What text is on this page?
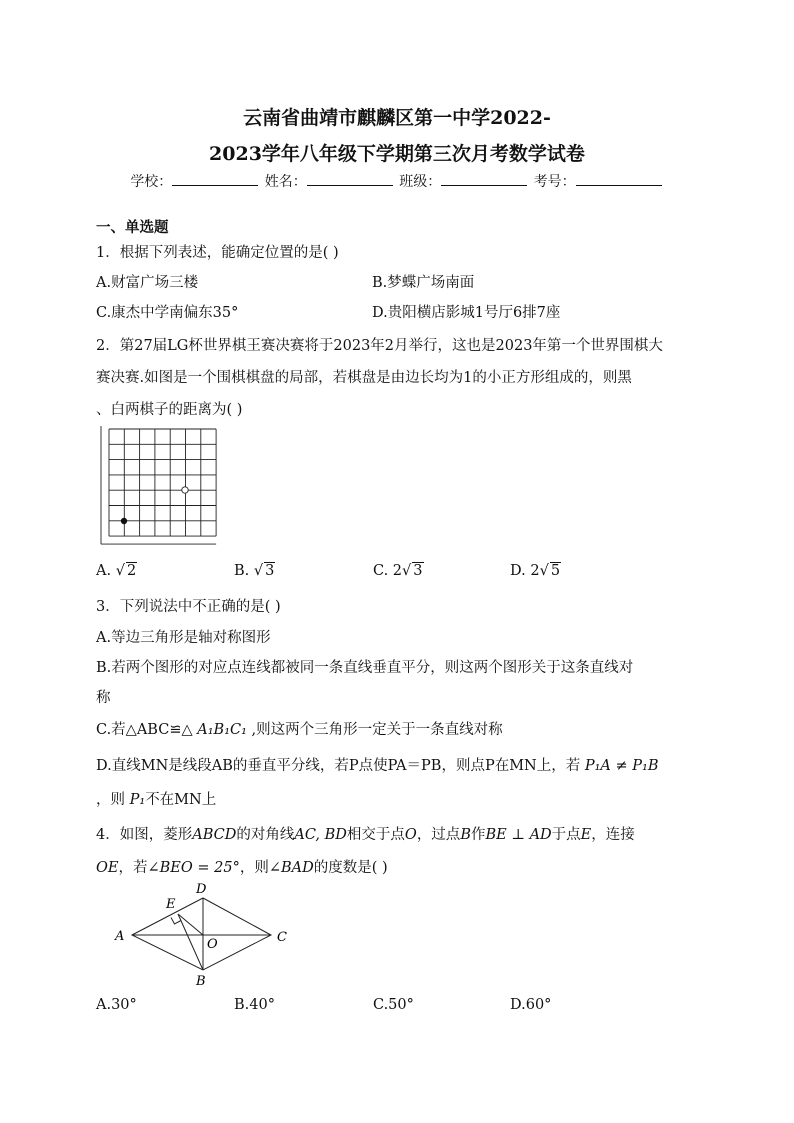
云南省曲靖市麒麟区第一中学2022-
2023学年八年级下学期第三次月考数学试卷
学校：	姓名：	班级：	考号：
一、单选题
1．根据下列表述，能确定位置的是( )
A.财富广场三楼	B.梦蝶广场南面
C.康杰中学南偏东35°	D.贵阳横店影城1号厅6排7座
2．第27届LG杯世界棋王赛决赛将于2023年2月举行，这也是2023年第一个世界围棋大
赛决赛.如图是一个围棋棋盘的局部，若棋盘是由边长均为1的小正方形组成的，则黑
、白两棋子的距离为( )
A. √ 2	B. √ 3	C. 2√ 3	D. 2√ 5
3．下列说法中不正确的是( )
A.等边三角形是轴对称图形
B.若两个图形的对应点连线都被同一条直线垂直平分，则这两个图形关于这条直线对
称
C.若△ABC≌△ A₁B₁C₁ ,则这两个三角形一定关于一条直线对称
D.直线MN是线段AB的垂直平分线，若P点使PA＝PB，则点P在MN上，若 P₁A ≠ P₁B
，则 P₁不在MN上
4．如图，菱形ABCD的对角线AC, BD相交于点O，过点B作BE ⊥ AD于点E，连接
OE，若∠BEO = 25°，则∠BAD的度数是( )
A
D
E
O	C
B
A.30°	B.40°	C.50°	D.60°
